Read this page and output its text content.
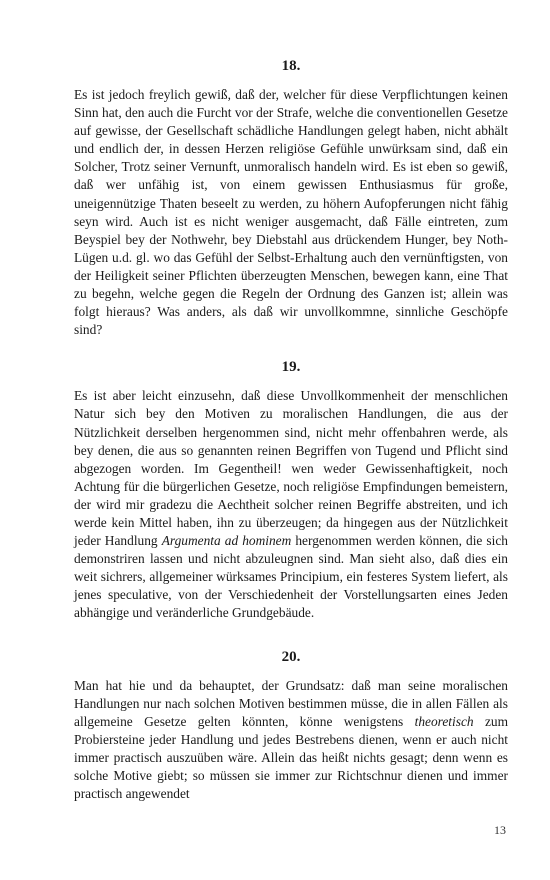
18.

Es ist jedoch freylich gewiß, daß der, welcher für diese Verpflichtungen keinen Sinn hat, den auch die Furcht vor der Strafe, welche die conventionellen Gesetze auf gewisse, der Gesellschaft schädliche Handlungen gelegt haben, nicht abhält und endlich der, in dessen Herzen religiöse Gefühle unwürksam sind, daß ein Solcher, Trotz seiner Vernunft, unmoralisch handeln wird. Es ist eben so gewiß, daß wer unfähig ist, von einem gewissen Enthusiasmus für große, uneigennützige Thaten beseelt zu werden, zu höhern Aufopferungen nicht fähig seyn wird. Auch ist es nicht weniger ausgemacht, daß Fälle eintreten, zum Beyspiel bey der Nothwehr, bey Diebstahl aus drückendem Hunger, bey Noth-Lügen u.d. gl. wo das Gefühl der Selbst-Erhaltung auch den vernünftigsten, von der Heiligkeit seiner Pflichten überzeugten Menschen, bewegen kann, eine That zu begehn, welche gegen die Regeln der Ordnung des Ganzen ist; allein was folgt hieraus? Was anders, als daß wir unvollkommne, sinnliche Geschöpfe sind?

19.

Es ist aber leicht einzusehn, daß diese Unvollkommenheit der menschlichen Natur sich bey den Motiven zu moralischen Handlungen, die aus der Nützlichkeit derselben hergenommen sind, nicht mehr offenbahren werde, als bey denen, die aus so genannten reinen Begriffen von Tugend und Pflicht sind abgezogen worden. Im Gegentheil! wen weder Gewissenhaftigkeit, noch Achtung für die bürgerlichen Gesetze, noch religiöse Empfindungen bemeistern, der wird mir gradezu die Aechtheit solcher reinen Begriffe abstreiten, und ich werde kein Mittel haben, ihn zu überzeugen; da hingegen aus der Nützlichkeit jeder Handlung Argumenta ad hominem hergenommen werden können, die sich demonstriren lassen und nicht abzuleugnen sind. Man sieht also, daß dies ein weit sichrers, allgemeiner würksames Principium, ein festeres System liefert, als jenes speculative, von der Verschiedenheit der Vorstellungsarten eines Jeden abhängige und veränderliche Grundgebäude.

20.

Man hat hie und da behauptet, der Grundsatz: daß man seine moralischen Handlungen nur nach solchen Motiven bestimmen müsse, die in allen Fällen als allgemeine Gesetze gelten könnten, könne wenigstens theoretisch zum Probiersteine jeder Handlung und jedes Bestrebens dienen, wenn er auch nicht immer practisch auszuüben wäre. Allein das heißt nichts gesagt; denn wenn es solche Motive giebt; so müssen sie immer zur Richtschnur dienen und immer practisch angewendet

13
